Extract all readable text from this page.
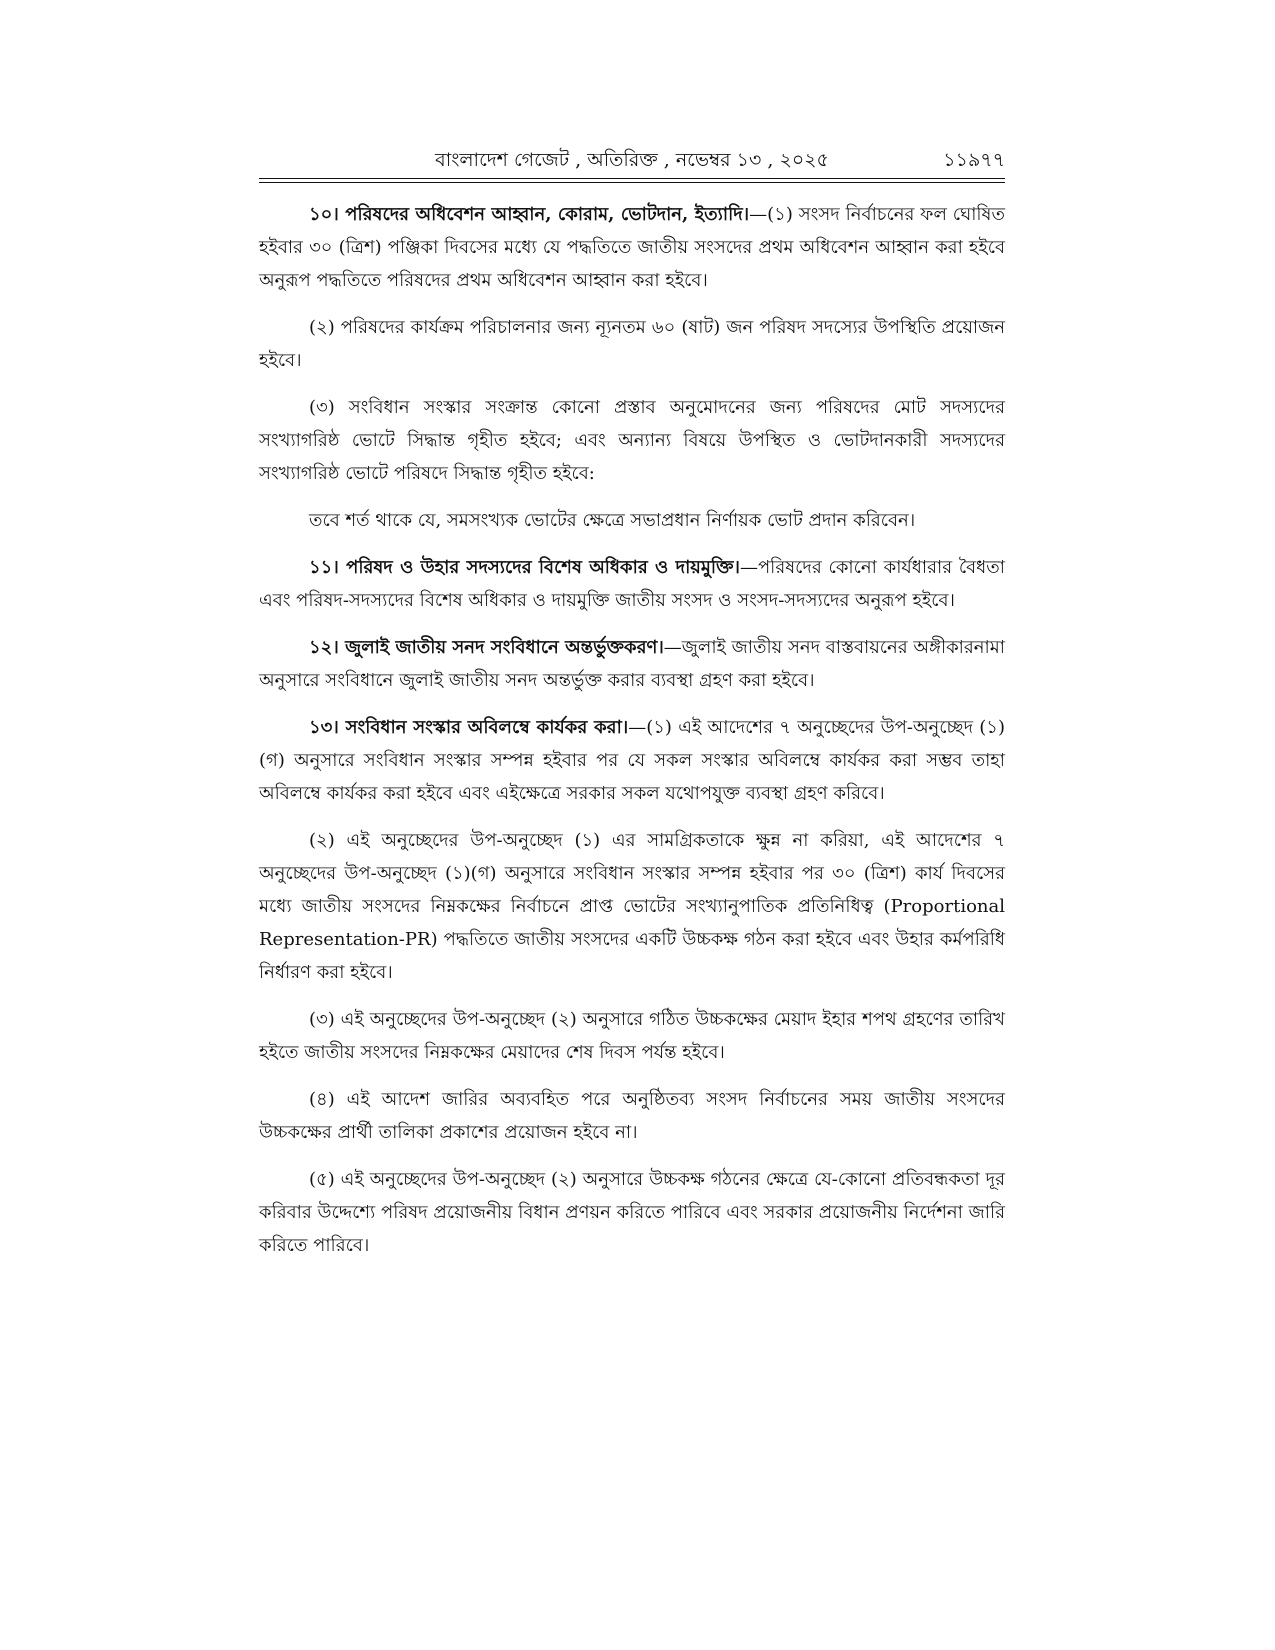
বাংলাদেশ গেজেট , অতিরিক্ত , নভেম্বর ১৩ , ২০২৫	১১৯৭৭

১০। পরিষদের অধিবেশন আহ্বান, কোরাম, ভোটদান, ইত্যাদি।—(১) সংসদ নির্বাচনের ফল ঘোষিত হইবার ৩০ (ত্রিশ) পঞ্জিকা দিবসের মধ্যে যে পদ্ধতিতে জাতীয় সংসদের প্রথম অধিবেশন আহ্বান করা হইবে অনুরূপ পদ্ধতিতে পরিষদের প্রথম অধিবেশন আহ্বান করা হইবে।

(২) পরিষদের কার্যক্রম পরিচালনার জন্য ন্যূনতম ৬০ (ষাট) জন পরিষদ সদস্যের উপস্থিতি প্রয়োজন হইবে।

(৩) সংবিধান সংস্কার সংক্রান্ত কোনো প্রস্তাব অনুমোদনের জন্য পরিষদের মোট সদস্যদের সংখ্যাগরিষ্ঠ ভোটে সিদ্ধান্ত গৃহীত হইবে; এবং অন্যান্য বিষয়ে উপস্থিত ও ভোটদানকারী সদস্যদের সংখ্যাগরিষ্ঠ ভোটে পরিষদে সিদ্ধান্ত গৃহীত হইবে:

তবে শর্ত থাকে যে, সমসংখ্যক ভোটের ক্ষেত্রে সভাপ্রধান নির্ণায়ক ভোট প্রদান করিবেন।

১১। পরিষদ ও উহার সদস্যদের বিশেষ অধিকার ও দায়মুক্তি।—পরিষদের কোনো কার্যধারার বৈধতা এবং পরিষদ-সদস্যদের বিশেষ অধিকার ও দায়মুক্তি জাতীয় সংসদ ও সংসদ-সদস্যদের অনুরূপ হইবে।

১২। জুলাই জাতীয় সনদ সংবিধানে অন্তর্ভুক্তকরণ।—জুলাই জাতীয় সনদ বাস্তবায়নের অঙ্গীকারনামা অনুসারে সংবিধানে জুলাই জাতীয় সনদ অন্তর্ভুক্ত করার ব্যবস্থা গ্রহণ করা হইবে।

১৩। সংবিধান সংস্কার অবিলম্বে কার্যকর করা।—(১) এই আদেশের ৭ অনুচ্ছেদের উপ-অনুচ্ছেদ (১)(গ) অনুসারে সংবিধান সংস্কার সম্পন্ন হইবার পর যে সকল সংস্কার অবিলম্বে কার্যকর করা সম্ভব তাহা অবিলম্বে কার্যকর করা হইবে এবং এইক্ষেত্রে সরকার সকল যথোপযুক্ত ব্যবস্থা গ্রহণ করিবে।

(২) এই অনুচ্ছেদের উপ-অনুচ্ছেদ (১) এর সামগ্রিকতাকে ক্ষুন্ন না করিয়া, এই আদেশের ৭ অনুচ্ছেদের উপ-অনুচ্ছেদ (১)(গ) অনুসারে সংবিধান সংস্কার সম্পন্ন হইবার পর ৩০ (ত্রিশ) কার্য দিবসের মধ্যে জাতীয় সংসদের নিম্নকক্ষের নির্বাচনে প্রাপ্ত ভোটের সংখ্যানুপাতিক প্রতিনিধিত্ব (Proportional Representation-PR) পদ্ধতিতে জাতীয় সংসদের একটি উচ্চকক্ষ গঠন করা হইবে এবং উহার কর্মপরিধি নির্ধারণ করা হইবে।

(৩) এই অনুচ্ছেদের উপ-অনুচ্ছেদ (২) অনুসারে গঠিত উচ্চকক্ষের মেয়াদ ইহার শপথ গ্রহণের তারিখ হইতে জাতীয় সংসদের নিম্নকক্ষের মেয়াদের শেষ দিবস পর্যন্ত হইবে।

(৪) এই আদেশ জারির অব্যবহিত পরে অনুষ্ঠিতব্য সংসদ নির্বাচনের সময় জাতীয় সংসদের উচ্চকক্ষের প্রার্থী তালিকা প্রকাশের প্রয়োজন হইবে না।

(৫) এই অনুচ্ছেদের উপ-অনুচ্ছেদ (২) অনুসারে উচ্চকক্ষ গঠনের ক্ষেত্রে যে-কোনো প্রতিবন্ধকতা দূর করিবার উদ্দেশ্যে পরিষদ প্রয়োজনীয় বিধান প্রণয়ন করিতে পারিবে এবং সরকার প্রয়োজনীয় নির্দেশনা জারি করিতে পারিবে।
